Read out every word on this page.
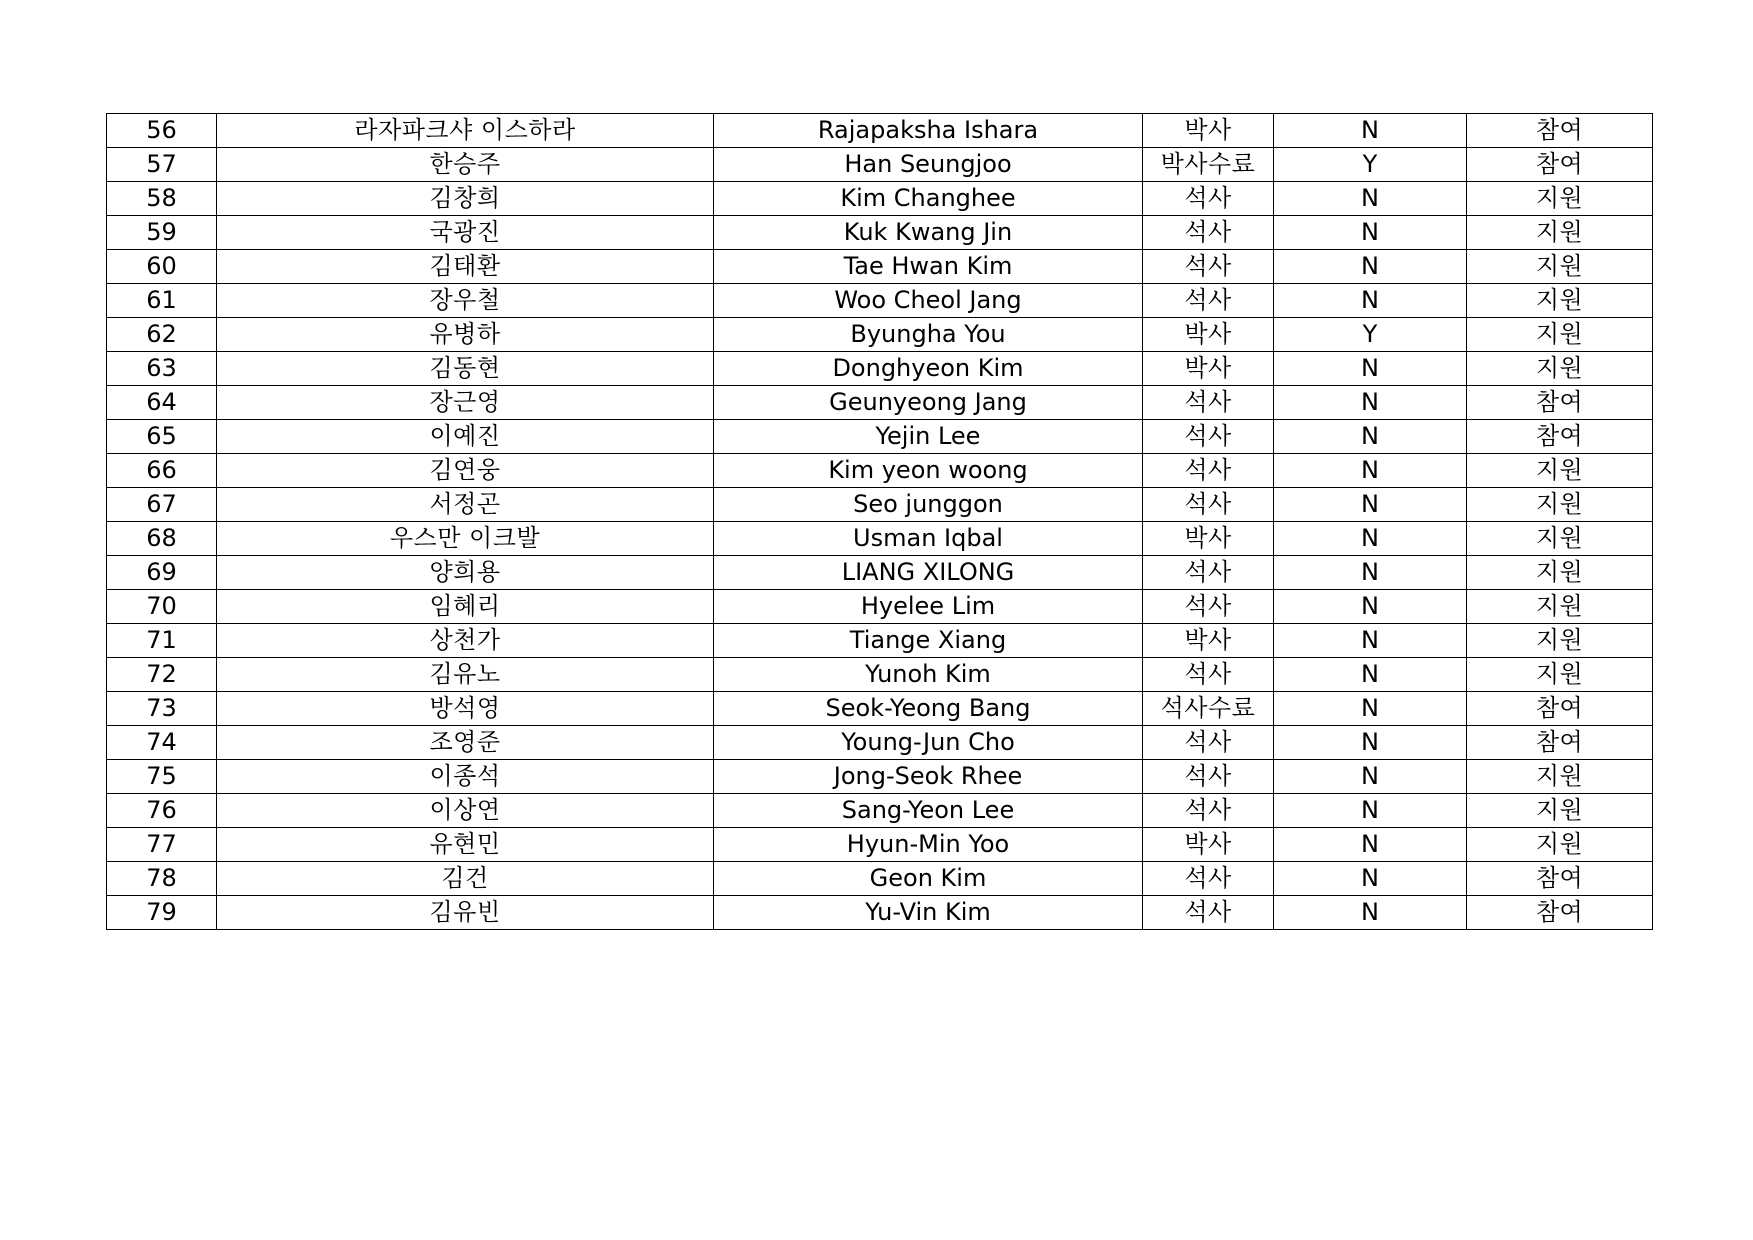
56	라자파크샤 이스하라	Rajapaksha Ishara	박사	N	참여
57	한승주	Han Seungjoo	박사수료	Y	참여
58	김창희	Kim Changhee	석사	N	지원
59	국광진	Kuk Kwang Jin	석사	N	지원
60	김태환	Tae Hwan Kim	석사	N	지원
61	장우철	Woo Cheol Jang	석사	N	지원
62	유병하	Byungha You	박사	Y	지원
63	김동현	Donghyeon Kim	박사	N	지원
64	장근영	Geunyeong Jang	석사	N	참여
65	이예진	Yejin Lee	석사	N	참여
66	김연웅	Kim yeon woong	석사	N	지원
67	서정곤	Seo junggon	석사	N	지원
68	우스만 이크발	Usman Iqbal	박사	N	지원
69	양희용	LIANG XILONG	석사	N	지원
70	임혜리	Hyelee Lim	석사	N	지원
71	상천가	Tiange Xiang	박사	N	지원
72	김유노	Yunoh Kim	석사	N	지원
73	방석영	Seok-Yeong Bang	석사수료	N	참여
74	조영준	Young-Jun Cho	석사	N	참여
75	이종석	Jong-Seok Rhee	석사	N	지원
76	이상연	Sang-Yeon Lee	석사	N	지원
77	유현민	Hyun-Min Yoo	박사	N	지원
78	김건	Geon Kim	석사	N	참여
79	김유빈	Yu-Vin Kim	석사	N	참여
